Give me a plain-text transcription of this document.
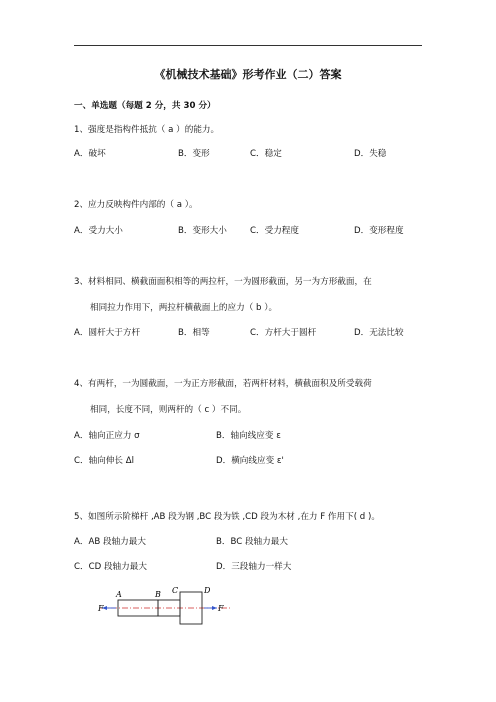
《机械技术基础》形考作业（二）答案
一、单选题（每题 2 分，共 30 分）
1、强度是指构件抵抗（ a ）的能力。
A．破坏	B．变形	C．稳定	D．失稳
2、应力反映构件内部的（ a ）。
A．受力大小	B．变形大小	C．受力程度	D．变形程度
3、材料相同、横截面面积相等的两拉杆，一为圆形截面，另一为方形截面，在
相同拉力作用下，两拉杆横截面上的应力（ b ）。
A．圆杆大于方杆	B．相等	C．方杆大于圆杆	D．无法比较
4、有两杆，一为圆截面，一为正方形截面，若两杆材料，横截面积及所受载荷
相同，长度不同，则两杆的（ c ）不同。
A．轴向正应力 σ	B．轴向线应变 ε
C．轴向伸长 Δl	D．横向线应变 ε'
5、如图所示阶梯杆 ,AB 段为钢 ,BC 段为铁 ,CD 段为木材 ,在力 F 作用下( d )。
A．AB 段轴力最大	B．BC 段轴力最大
C．CD 段轴力最大	D．三段轴力一样大
A	B C	D
F	F
